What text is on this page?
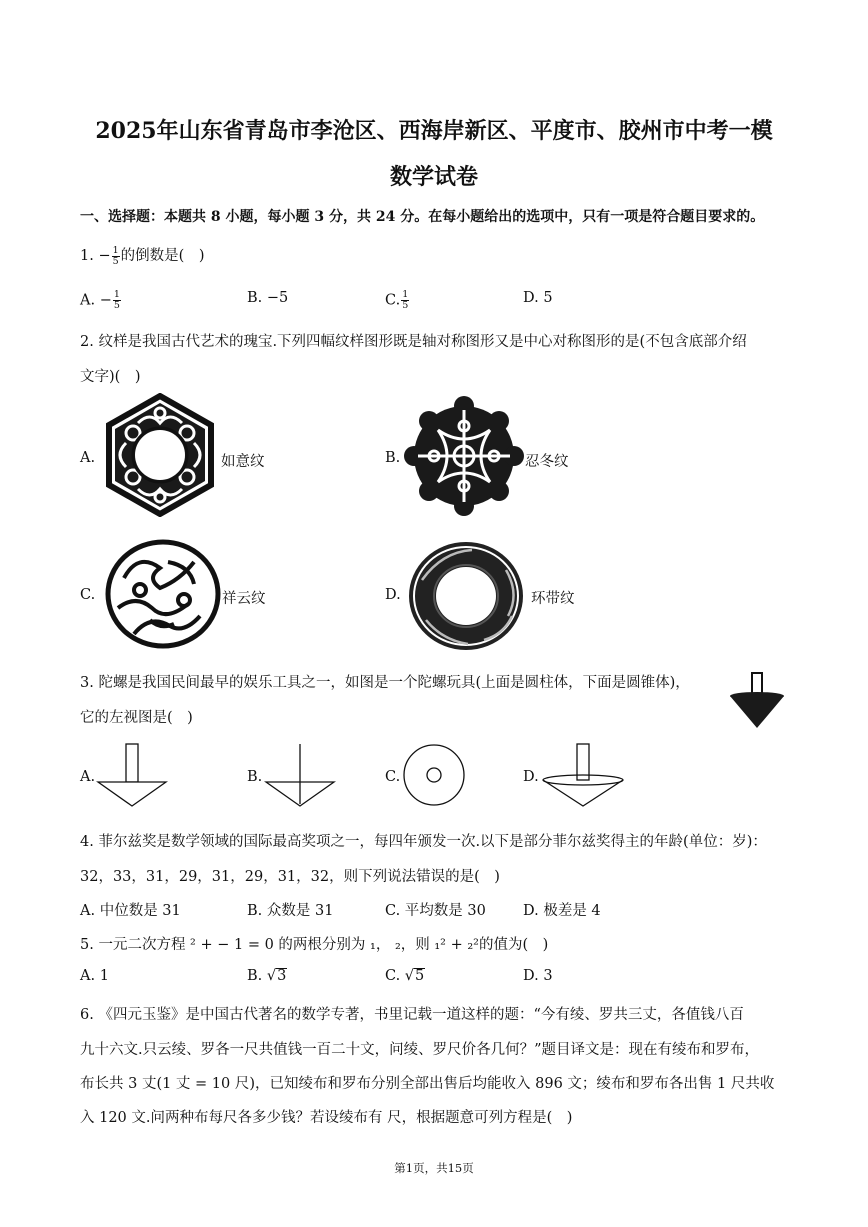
2025年山东省青岛市李沧区、西海岸新区、平度市、胶州市中考一模
数学试卷
一、选择题：本题共 8 小题，每小题 3 分，共 24 分。在每小题给出的选项中，只有一项是符合题目要求的。
1. − $\frac{1}{5}$ 的倒数是(　)
A. − $\frac{1}{5}$	B. −5	C. $\frac{1}{5}$	D. 5
2. 纹样是我国古代艺术的瑰宝.下列四幅纹样图形既是轴对称图形又是中心对称图形的是(不包含底部介绍
文字)(　)
A.	如意纹	B.	忍冬纹
C.	祥云纹	D.	环带纹
3. 陀螺是我国民间最早的娱乐工具之一，如图是一个陀螺玩具(上面是圆柱体，下面是圆锥体)，
它的左视图是(　)
A.	B.	C.	D.
4. 菲尔兹奖是数学领域的国际最高奖项之一，每四年颁发一次.以下是部分菲尔兹奖得主的年龄(单位：岁)：
32，33，31，29，31，29，31，32，则下列说法错误的是(　)
A. 中位数是 31	B. 众数是 31	C. 平均数是 30	D. 极差是 4
5. 一元二次方程 ² + − 1 = 0 的两根分别为 ₁， ₂，则 ₁² + ₂²的值为(　)
A. 1	B. √3	C. √5	D. 3
6. 《四元玉鉴》是中国古代著名的数学专著，书里记载一道这样的题：“今有绫、罗共三丈，各值钱八百
九十六文.只云绫、罗各一尺共值钱一百二十文，问绫、罗尺价各几何？”题目译文是：现在有绫布和罗布，
布长共 3 丈(1 丈 = 10 尺)，已知绫布和罗布分别全部出售后均能收入 896 文；绫布和罗布各出售 1 尺共收
入 120 文.问两种布每尺各多少钱？若设绫布有 尺，根据题意可列方程是(　)
第1页，共15页
